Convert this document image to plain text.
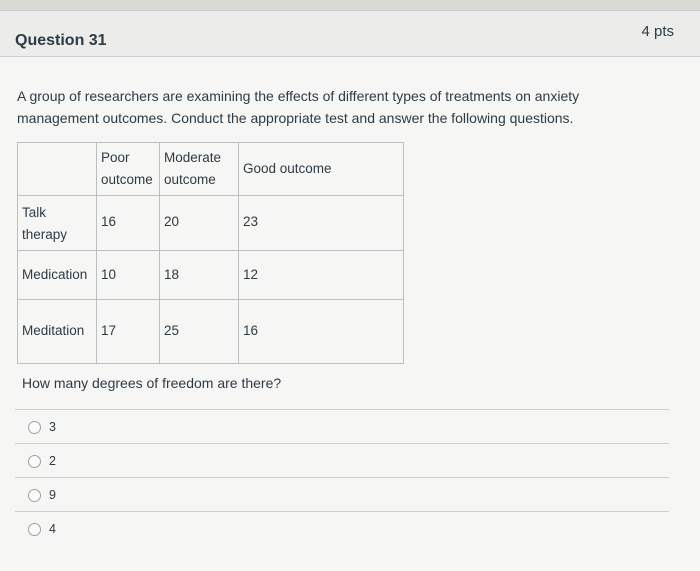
Question 31
4 pts
A group of researchers are examining the effects of different types of treatments on anxiety management outcomes. Conduct the appropriate test and answer the following questions.

	Poor outcome	Moderate outcome	Good outcome

Talk therapy	16	20	23

Medication	10	18	12

Meditation	17	25	16
How many degrees of freedom are there?
3
2
9
4
